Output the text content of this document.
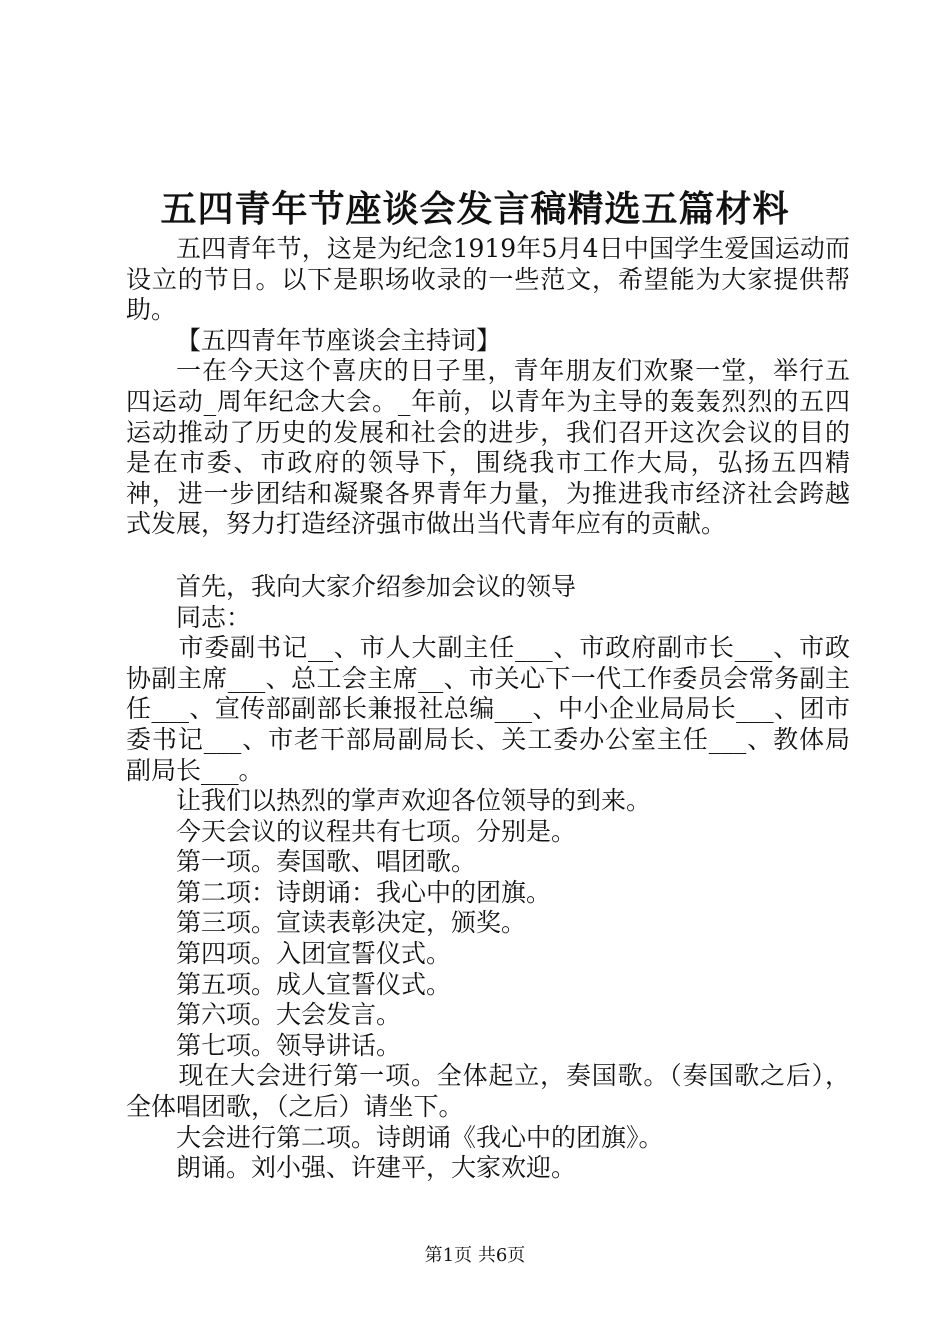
五四青年节座谈会发言稿精选五篇材料

五四青年节，这是为纪念1919年5月4日中国学生爱国运动而设立的节日。以下是职场收录的一些范文，希望能为大家提供帮助。

【五四青年节座谈会主持词】

一在今天这个喜庆的日子里，青年朋友们欢聚一堂，举行五四运动_周年纪念大会。_年前，以青年为主导的轰轰烈烈的五四运动推动了历史的发展和社会的进步，我们召开这次会议的目的是在市委、市政府的领导下，围绕我市工作大局，弘扬五四精神，进一步团结和凝聚各界青年力量，为推进我市经济社会跨越式发展，努力打造经济强市做出当代青年应有的贡献。

首先，我向大家介绍参加会议的领导

同志：

市委副书记__、市人大副主任___、市政府副市长___、市政协副主席___、总工会主席__、市关心下一代工作委员会常务副主任___、宣传部副部长兼报社总编___、中小企业局局长___、团市委书记___、市老干部局副局长、关工委办公室主任___、教体局副局长___。

让我们以热烈的掌声欢迎各位领导的到来。

今天会议的议程共有七项。分别是。

第一项。奏国歌、唱团歌。

第二项：诗朗诵：我心中的团旗。

第三项。宣读表彰决定，颁奖。

第四项。入团宣誓仪式。

第五项。成人宣誓仪式。

第六项。大会发言。

第七项。领导讲话。

现在大会进行第一项。全体起立，奏国歌。（奏国歌之后），全体唱团歌，（之后）请坐下。

大会进行第二项。诗朗诵《我心中的团旗》。

朗诵。刘小强、许建平，大家欢迎。

第1页 共6页
